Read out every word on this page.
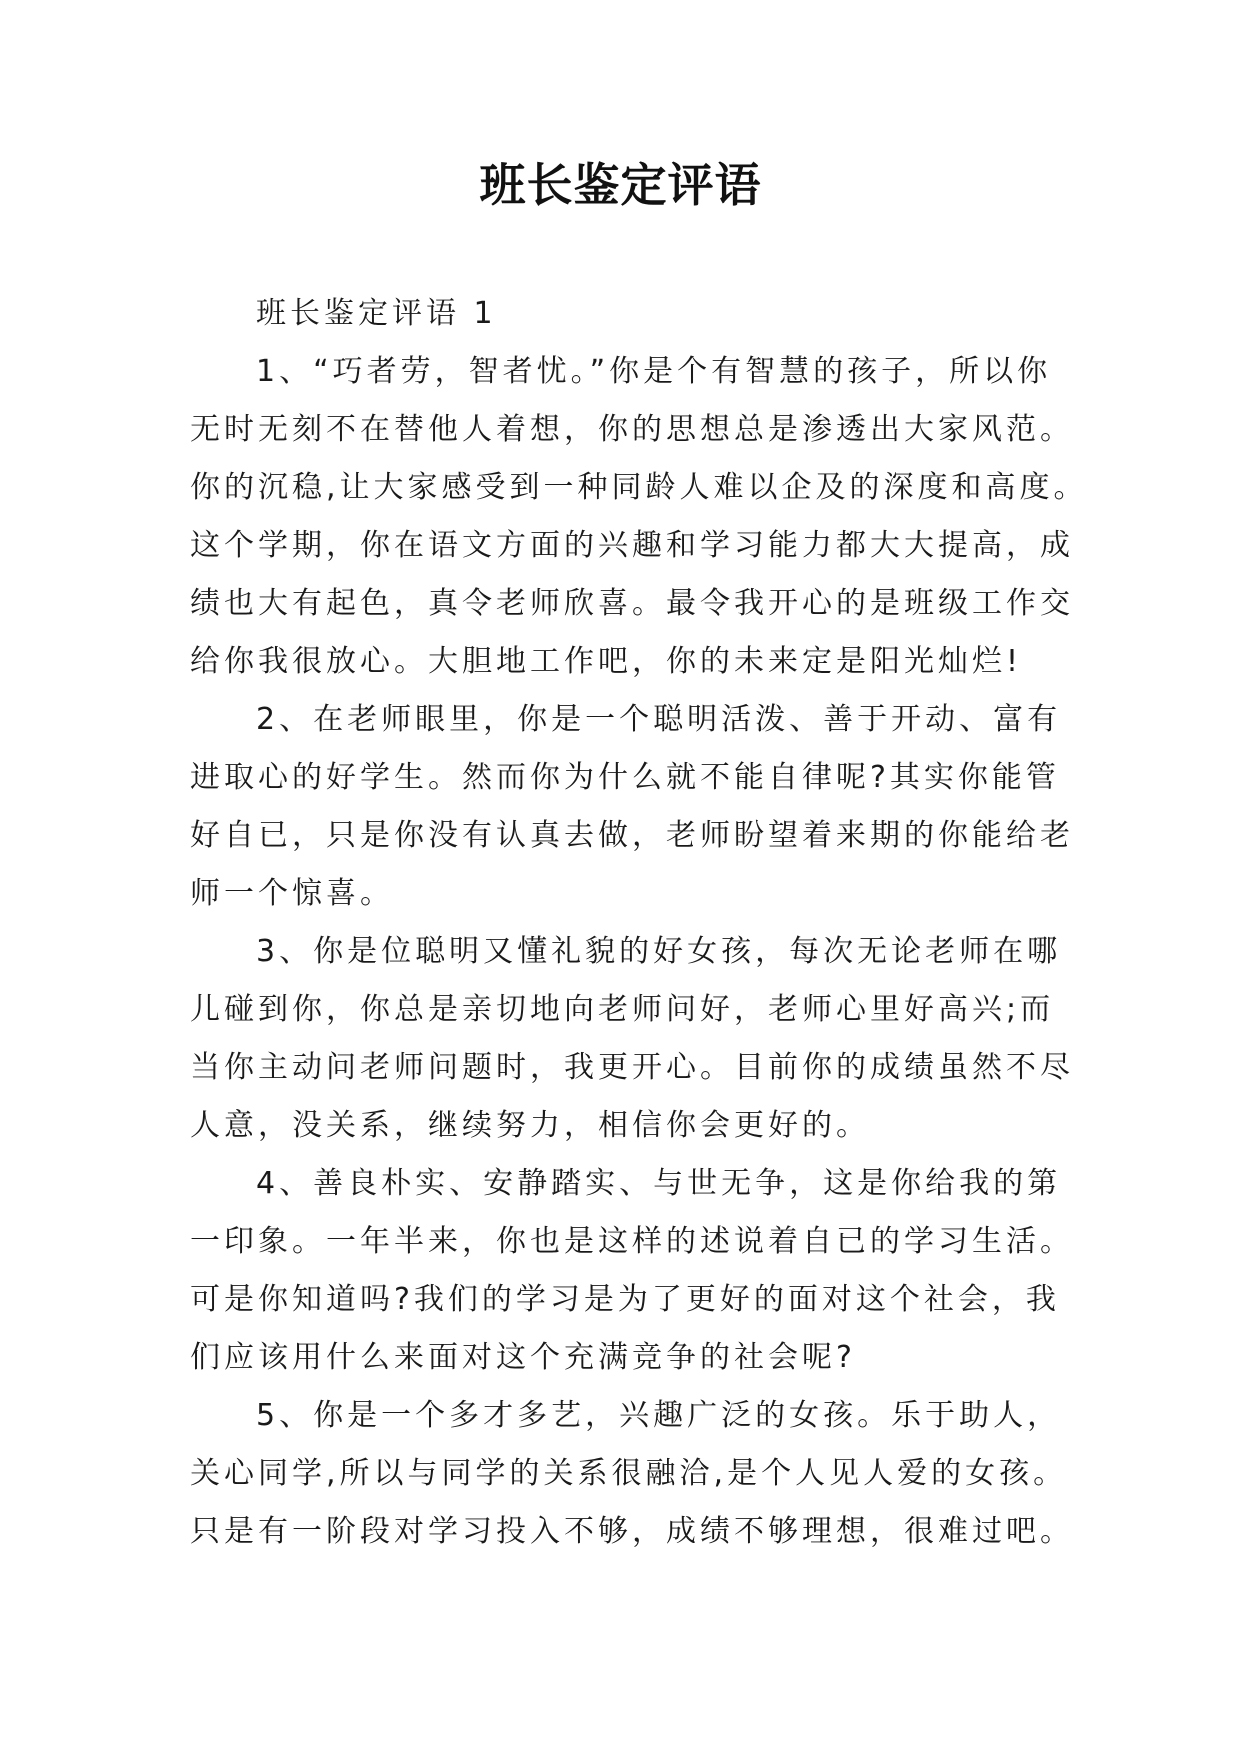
班长鉴定评语

班长鉴定评语 1

1、“巧者劳，智者忧。”你是个有智慧的孩子，所以你
无时无刻不在替他人着想，你的思想总是渗透出大家风范。
你的沉稳,让大家感受到一种同龄人难以企及的深度和高度。
这个学期，你在语文方面的兴趣和学习能力都大大提高，成
绩也大有起色，真令老师欣喜。最令我开心的是班级工作交
给你我很放心。大胆地工作吧，你的未来定是阳光灿烂!
2、在老师眼里，你是一个聪明活泼、善于开动、富有
进取心的好学生。然而你为什么就不能自律呢?其实你能管
好自已，只是你没有认真去做，老师盼望着来期的你能给老
师一个惊喜。
3、你是位聪明又懂礼貌的好女孩，每次无论老师在哪
儿碰到你，你总是亲切地向老师问好，老师心里好高兴;而
当你主动问老师问题时，我更开心。目前你的成绩虽然不尽
人意，没关系，继续努力，相信你会更好的。
4、善良朴实、安静踏实、与世无争，这是你给我的第
一印象。一年半来，你也是这样的述说着自已的学习生活。
可是你知道吗?我们的学习是为了更好的面对这个社会，我
们应该用什么来面对这个充满竞争的社会呢?
5、你是一个多才多艺，兴趣广泛的女孩。乐于助人，
关心同学,所以与同学的关系很融洽,是个人见人爱的女孩。
只是有一阶段对学习投入不够，成绩不够理想，很难过吧。
